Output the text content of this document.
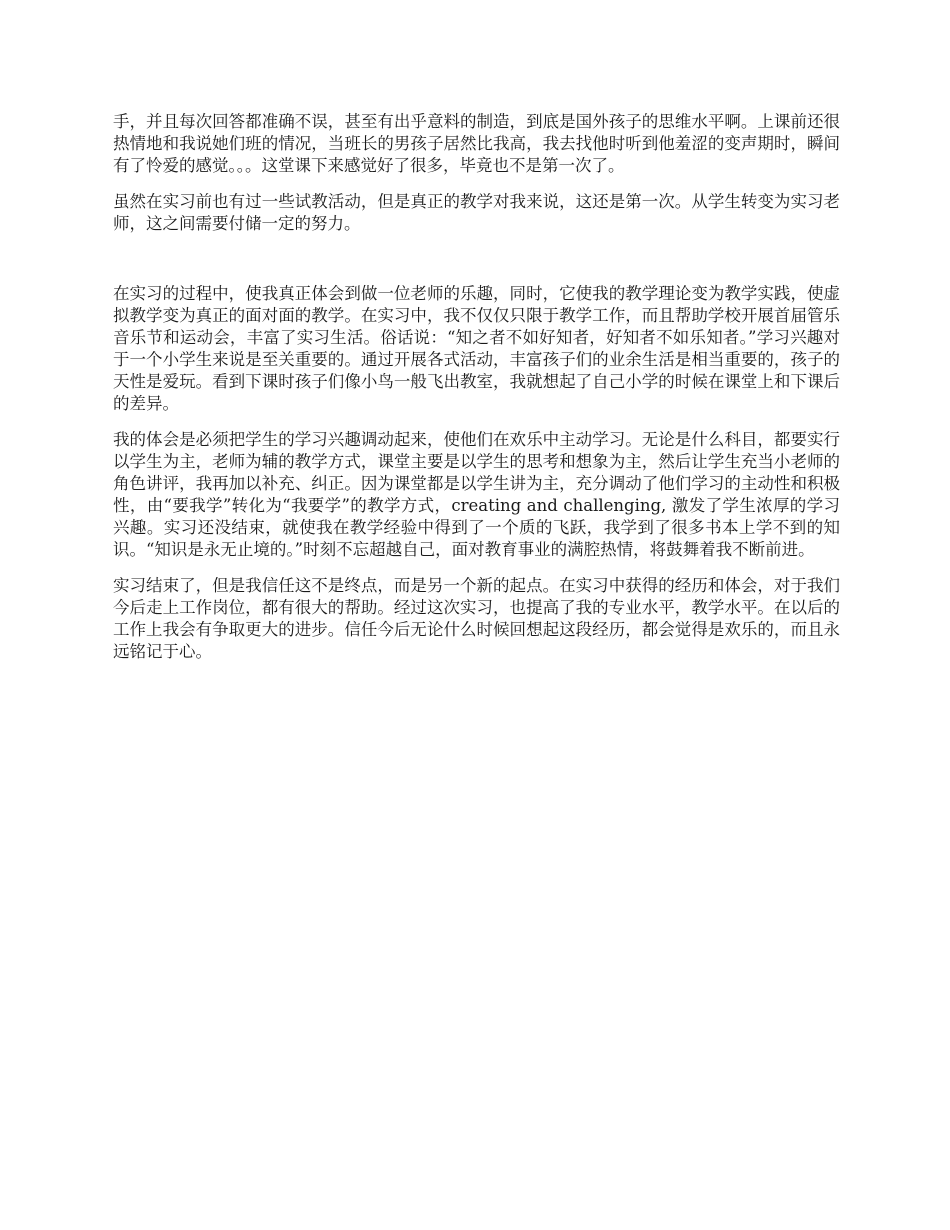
手，并且每次回答都准确不误，甚至有出乎意料的制造，到底是国外孩子的思维水平啊。上课前还很热情地和我说她们班的情况，当班长的男孩子居然比我高，我去找他时听到他羞涩的变声期时，瞬间有了怜爱的感觉。。。这堂课下来感觉好了很多，毕竟也不是第一次了。

虽然在实习前也有过一些试教活动，但是真正的教学对我来说，这还是第一次。从学生转变为实习老师，这之间需要付储一定的努力。

在实习的过程中，使我真正体会到做一位老师的乐趣，同时，它使我的教学理论变为教学实践，使虚拟教学变为真正的面对面的教学。在实习中，我不仅仅只限于教学工作，而且帮助学校开展首届管乐音乐节和运动会，丰富了实习生活。俗话说：“知之者不如好知者，好知者不如乐知者。”学习兴趣对于一个小学生来说是至关重要的。通过开展各式活动，丰富孩子们的业余生活是相当重要的，孩子的天性是爱玩。看到下课时孩子们像小鸟一般飞出教室，我就想起了自己小学的时候在课堂上和下课后的差异。

我的体会是必须把学生的学习兴趣调动起来，使他们在欢乐中主动学习。无论是什么科目，都要实行以学生为主，老师为辅的教学方式，课堂主要是以学生的思考和想象为主，然后让学生充当小老师的角色讲评，我再加以补充、纠正。因为课堂都是以学生讲为主，充分调动了他们学习的主动性和积极性，由“要我学”转化为“我要学”的教学方式，creating and challenging, 激发了学生浓厚的学习兴趣。实习还没结束，就使我在教学经验中得到了一个质的飞跃，我学到了很多书本上学不到的知识。“知识是永无止境的。”时刻不忘超越自己，面对教育事业的满腔热情，将鼓舞着我不断前进。

实习结束了，但是我信任这不是终点，而是另一个新的起点。在实习中获得的经历和体会，对于我们今后走上工作岗位，都有很大的帮助。经过这次实习，也提高了我的专业水平，教学水平。在以后的工作上我会有争取更大的进步。信任今后无论什么时候回想起这段经历，都会觉得是欢乐的，而且永远铭记于心。
